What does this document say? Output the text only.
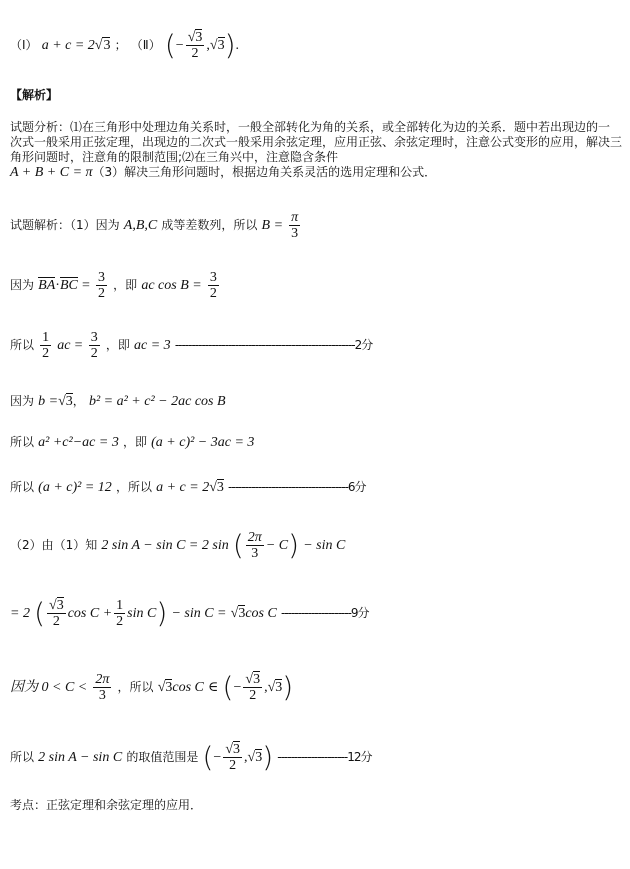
（Ⅰ） a + c = 2√3 ； （Ⅱ） (− $\frac{√3}{2} ,√3$).
【解析】
试题分析：⑴在三角形中处理边角关系时，一般全部转化为角的关系，或全部转化为边的关系．题中若出现边的一次式一般采用正弦定理，出现边的二次式一般采用余弦定理，应用正弦、余弦定理时，注意公式变形的应用，解决三角形问题时，注意角的限制范围;⑵在三角兴中，注意隐含条件
A + B + C = π（3）解决三角形问题时，根据边角关系灵活的选用定理和公式．
试题解析：（1）因为 A,B,C 成等差数列，所以 $B = \frac{\pi}{3}$
因为 $BA\cdot BC = \frac{3}{2}$ ，即 ac $\cos B = \frac{3}{2}$
所以 $\frac{1}{2}$ ac = $\frac{3}{2}$ ，即 ac = 3 ------------------------------------------------------2分
因为 b =√3， b² = a² + c² − 2ac cos B
所以 a² +c²−ac = 3 ，即 (a + c)² − 3ac = 3
所以 (a + c)² = 12 ，所以 a + c = 2√3 ------------------------------------6分
（2）由（1）知 2 sin A − sin C = 2 sin ( $\frac{2\pi}{3} - C) - \sin C$
= 2 ( $\frac{√3}{2}$ $\cos C + \frac{1}{2}$ sin C) − sin C = √3cos C ---------------------9分
因为 $0 < C < \frac{2\pi}{3}$ ，所以 √3cos C ∈ (− $\frac{√3}{2} ,√3$)
所以 2 sin A − sin C 的取值范围是 (− $\frac{√3}{2} ,√3$) ---------------------12分
考点：正弦定理和余弦定理的应用．
